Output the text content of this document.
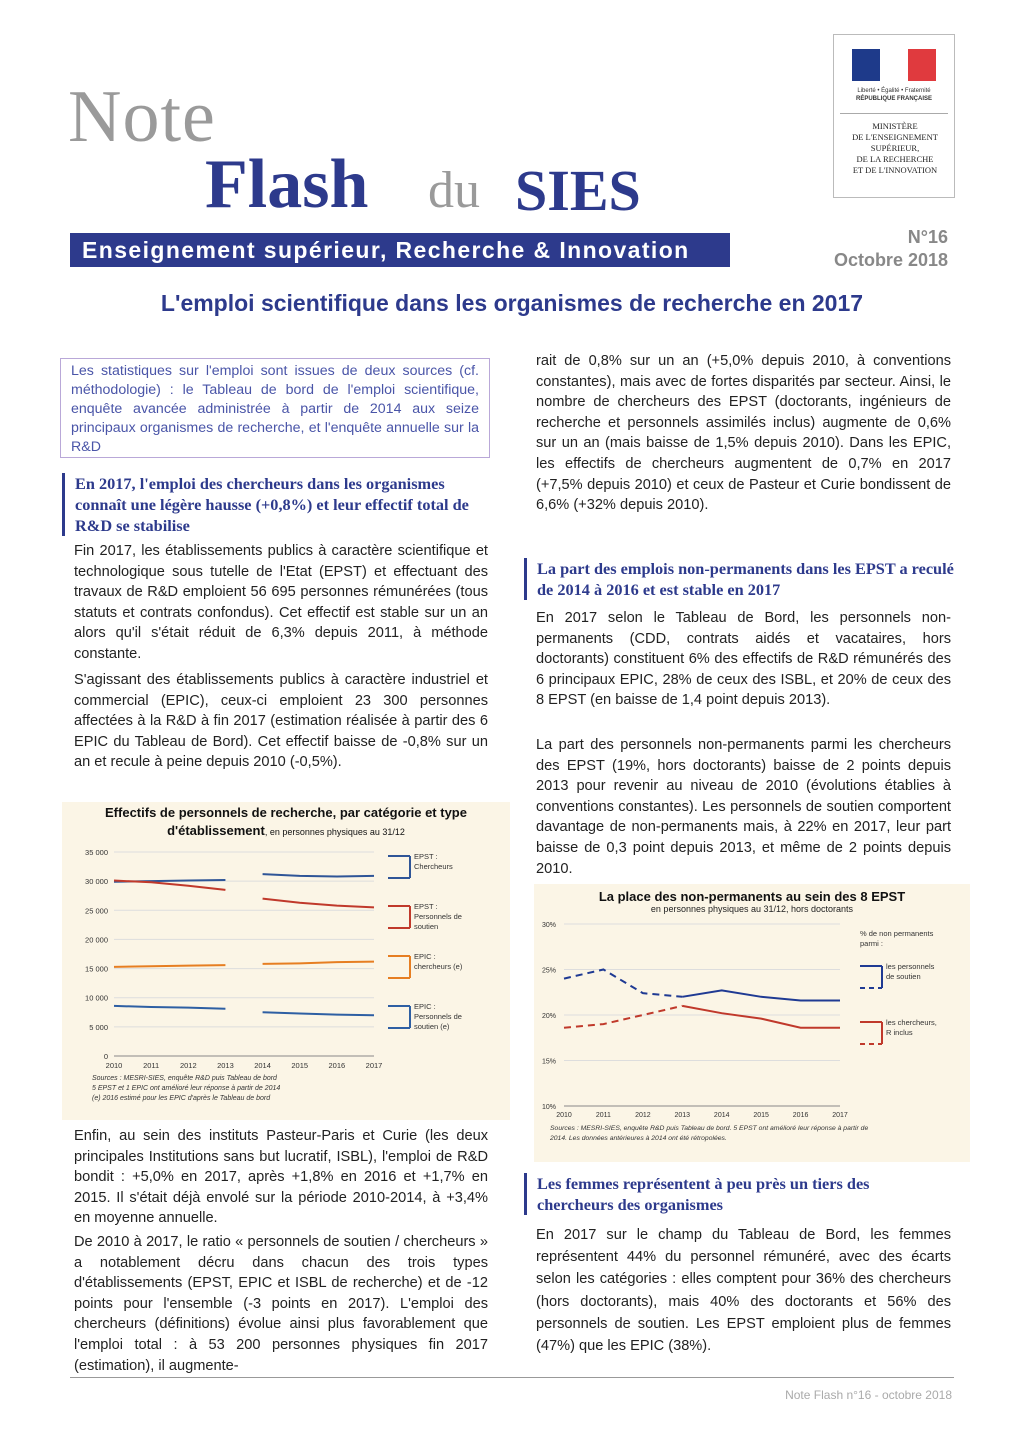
Note
Flash du SIES
Enseignement supérieur, Recherche & Innovation
Liberté • Égalité • Fraternité
RÉPUBLIQUE FRANÇAISE
MINISTÈRE
DE L'ENSEIGNEMENT
SUPÉRIEUR,
DE LA RECHERCHE
ET DE L'INNOVATION
N°16
Octobre 2018
L'emploi scientifique dans les organismes de recherche en 2017
Les statistiques sur l'emploi sont issues de deux sources (cf. méthodologie) : le Tableau de bord de l'emploi scientifique, enquête avancée administrée à partir de 2014 aux seize principaux organismes de recherche, et l'enquête annuelle sur la R&D
En 2017, l'emploi des chercheurs dans les organismes connaît une légère hausse (+0,8%) et leur effectif total de R&D se stabilise
Fin 2017, les établissements publics à caractère scientifique et technologique sous tutelle de l'Etat (EPST) et effectuant des travaux de R&D emploient 56 695 personnes rémunérées (tous statuts et contrats confondus). Cet effectif est stable sur un an alors qu'il s'était réduit de 6,3% depuis 2011, à méthode constante.
S'agissant des établissements publics à caractère industriel et commercial (EPIC), ceux-ci emploient 23 300 personnes affectées à la R&D à fin 2017 (estimation réalisée à partir des 6 EPIC du Tableau de Bord). Cet effectif baisse de -0,8% sur un an et recule à peine depuis 2010 (-0,5%).
Effectifs de personnels de recherche, par catégorie et type d'établissement, en personnes physiques au 31/12
0
5 000
10 000
15 000
20 000
25 000
30 000
35 000
2010	2011	2012	2013	2014	2015	2016	2017
EPST :
Chercheurs
EPST :
Personnels de
soutien
EPIC :
chercheurs (e)
EPIC :
Personnels de
soutien (e)
Sources : MESRI-SIES, enquête R&D puis Tableau de bord
5 EPST et 1 EPIC ont amélioré leur réponse à partir de 2014
(e) 2016 estimé pour les EPIC d'après le Tableau de bord
Enfin, au sein des instituts Pasteur-Paris et Curie (les deux principales Institutions sans but lucratif, ISBL), l'emploi de R&D bondit : +5,0% en 2017, après +1,8% en 2016 et +1,7% en 2015. Il s'était déjà envolé sur la période 2010-2014, à +3,4% en moyenne annuelle.
De 2010 à 2017, le ratio « personnels de soutien / chercheurs » a notablement décru dans chacun des trois types d'établissements (EPST, EPIC et ISBL de recherche) et de -12 points pour l'ensemble (-3 points en 2017). L'emploi des chercheurs (définitions) évolue ainsi plus favorablement que l'emploi total : à 53 200 personnes physiques fin 2017 (estimation), il augmente-
rait de 0,8% sur un an (+5,0% depuis 2010, à conventions constantes), mais avec de fortes disparités par secteur. Ainsi, le nombre de chercheurs des EPST (doctorants, ingénieurs de recherche et personnels assimilés inclus) augmente de 0,6% sur un an (mais baisse de 1,5% depuis 2010). Dans les EPIC, les effectifs de chercheurs augmentent de 0,7% en 2017 (+7,5% depuis 2010) et ceux de Pasteur et Curie bondissent de 6,6% (+32% depuis 2010).
La part des emplois non-permanents dans les EPST a reculé de 2014 à 2016 et est stable en 2017
En 2017 selon le Tableau de Bord, les personnels non-permanents (CDD, contrats aidés et vacataires, hors doctorants) constituent 6% des effectifs de R&D rémunérés des 6 principaux EPIC, 28% de ceux des ISBL, et 20% de ceux des 8 EPST (en baisse de 1,4 point depuis 2013).
La part des personnels non-permanents parmi les chercheurs des EPST (19%, hors doctorants) baisse de 2 points depuis 2013 pour revenir au niveau de 2010 (évolutions établies à conventions constantes). Les personnels de soutien comportent davantage de non-permanents mais, à 22% en 2017, leur part baisse de 0,3 point depuis 2013, et même de 2 points depuis 2010.
La place des non-permanents au sein des 8 EPST
en personnes physiques au 31/12, hors doctorants
10%
15%
20%
25%
30%
2010	2011	2012	2013	2014	2015	2016	2017
% de non permanents
parmi :
les personnels
de soutien
les chercheurs,
R inclus
Sources : MESRI-SIES, enquête R&D puis Tableau de bord. 5 EPST ont amélioré leur réponse à partir de
2014. Les données antérieures à 2014 ont été rétropolées.
Les femmes représentent à peu près un tiers des chercheurs des organismes
En 2017 sur le champ du Tableau de Bord, les femmes représentent 44% du personnel rémunéré, avec des écarts selon les catégories : elles comptent pour 36% des chercheurs (hors doctorants), mais 40% des doctorants et 56% des personnels de soutien. Les EPST emploient plus de femmes (47%) que les EPIC (38%).
Note Flash n°16 - octobre 2018
